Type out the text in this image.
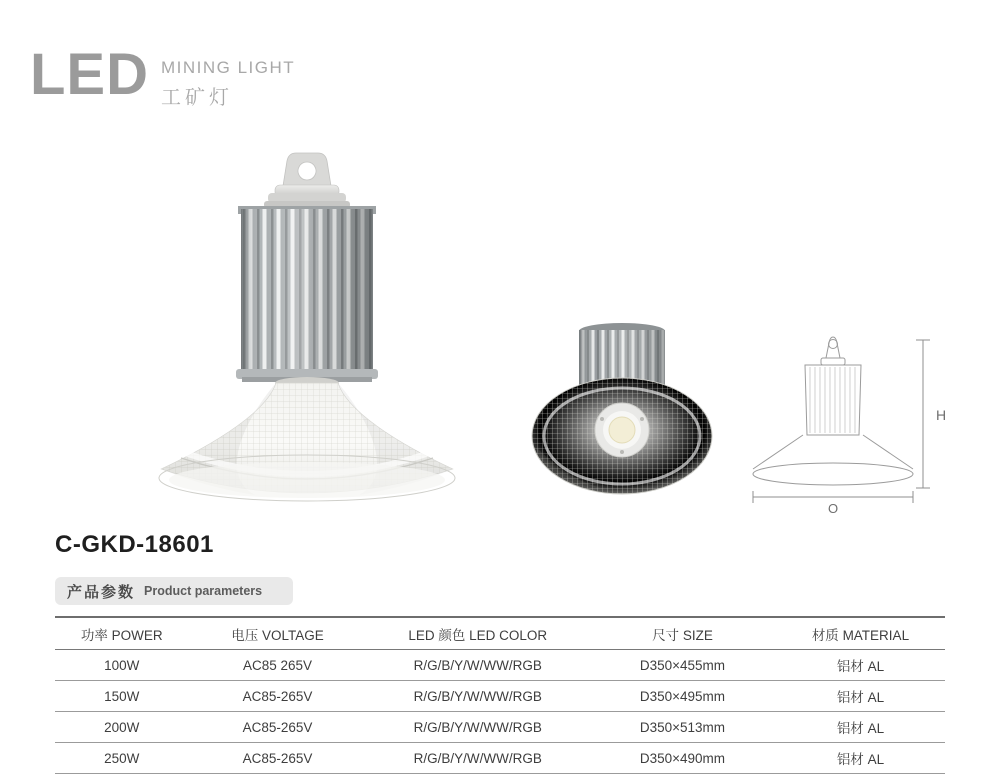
LED MINING LIGHT
工矿灯
H
O
C-GKD-18601
产品参数 Product parameters
功率 POWER	电压 VOLTAGE	LED 颜色 LED COLOR	尺寸 SIZE	材质 MATERIAL
100W	AC85 265V	R/G/B/Y/W/WW/RGB	D350×455mm	铝材 AL
150W	AC85-265V	R/G/B/Y/W/WW/RGB	D350×495mm	铝材 AL
200W	AC85-265V	R/G/B/Y/W/WW/RGB	D350×513mm	铝材 AL
250W	AC85-265V	R/G/B/Y/W/WW/RGB	D350×490mm	铝材 AL
